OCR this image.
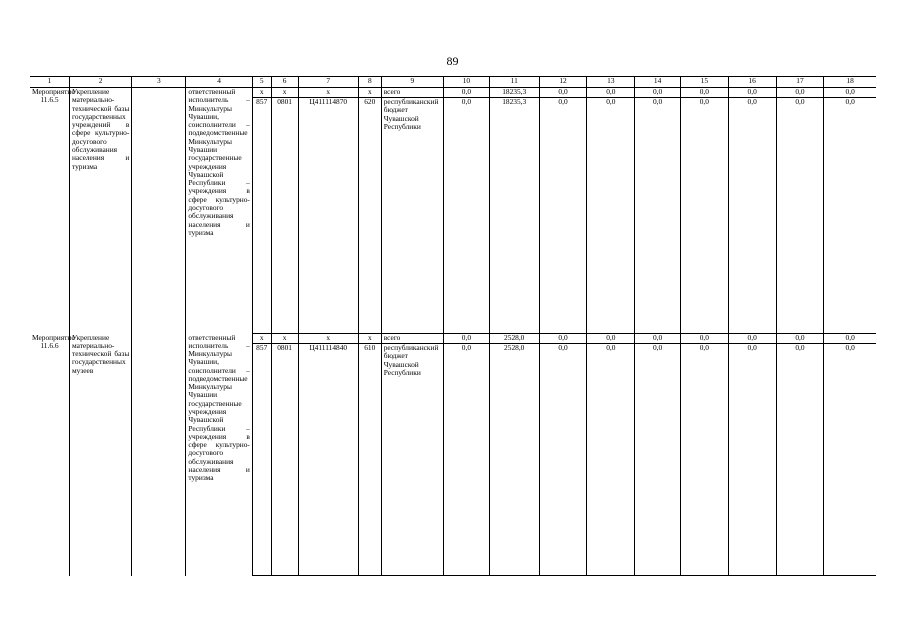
89
1	2	3	4	5	6	7	8	9	10	11	12	13	14	15	16	17	18
Мероприятие 11.6.5	Укрепление материально-технической базы государственных учреждений в сфере культурно-досугового обслуживания населения и туризма		ответственный исполнитель – Минкультуры Чувашии, соисполнители – подведомственные Минкультуры Чувашии государственные учреждения Чувашской Республики – учреждения в сфере культурно-досугового обслуживания населения и туризма	x	x	x	x	всего	0,0	18235,3	0,0	0,0	0,0	0,0	0,0	0,0	0,0
				857	0801	Ц411114870	620	республиканский бюджет Чувашской Республики	0,0	18235,3	0,0	0,0	0,0	0,0	0,0	0,0	0,0
Мероприятие 11.6.6	Укрепление материально-технической базы государственных музеев		ответственный исполнитель – Минкультуры Чувашии, соисполнители – подведомственные Минкультуры Чувашии государственные учреждения Чувашской Республики – учреждения в сфере культурно-досугового обслуживания населения и туризма	x	x	x	x	всего	0,0	2528,0	0,0	0,0	0,0	0,0	0,0	0,0	0,0
				857	0801	Ц411114840	610	республиканский бюджет Чувашской Республики	0,0	2528,0	0,0	0,0	0,0	0,0	0,0	0,0	0,0
